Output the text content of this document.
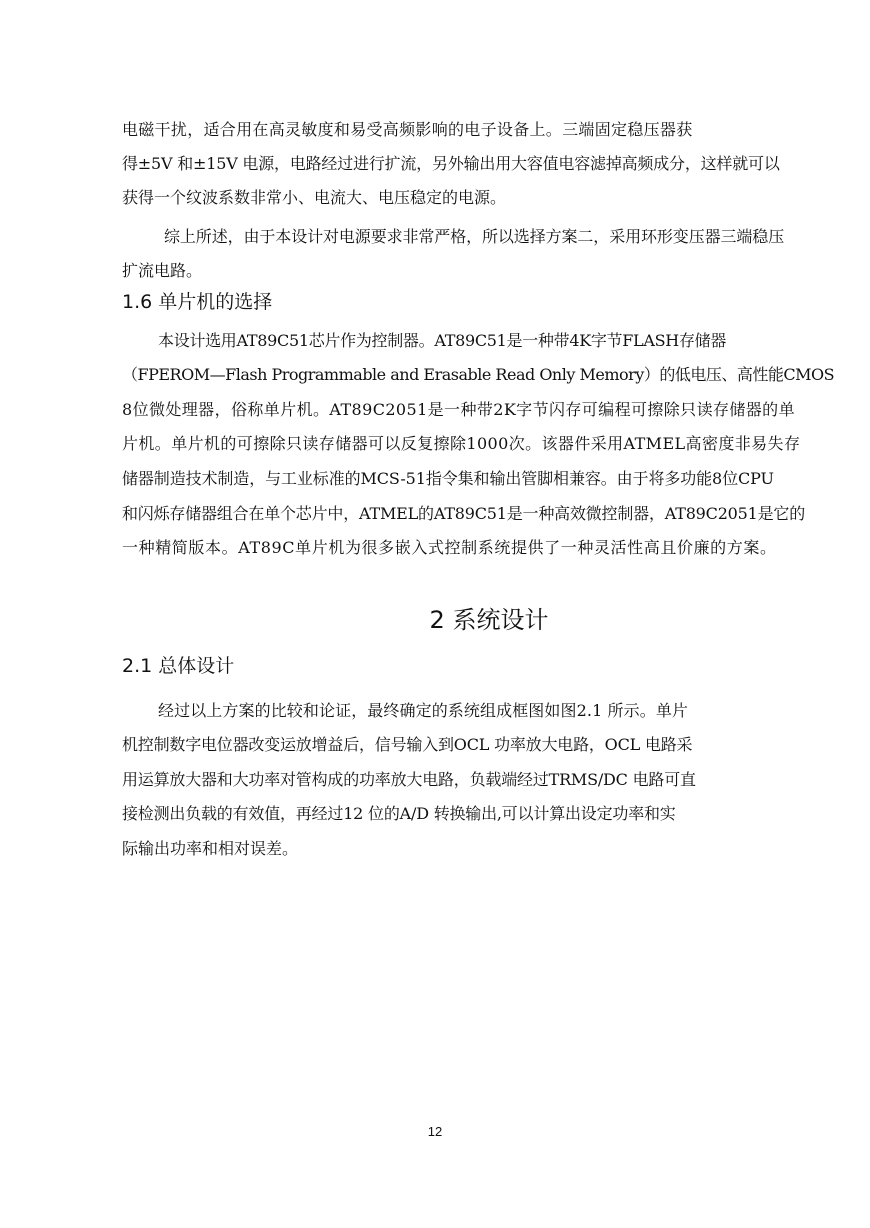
电磁干扰，适合用在高灵敏度和易受高频影响的电子设备上。三端固定稳压器获

得±5V 和±15V 电源，电路经过进行扩流，另外输出用大容值电容滤掉高频成分，这样就可以

获得一个纹波系数非常小、电流大、电压稳定的电源。

综上所述，由于本设计对电源要求非常严格，所以选择方案二，采用环形变压器三端稳压

扩流电路。

1.6 单片机的选择

本设计选用AT89C51芯片作为控制器。AT89C51是一种带4K字节FLASH存储器

（FPEROM—Flash Programmable and Erasable Read Only Memory）的低电压、高性能CMOS

8位微处理器，俗称单片机。AT89C2051是一种带2K字节闪存可编程可擦除只读存储器的单

片机。单片机的可擦除只读存储器可以反复擦除1000次。该器件采用ATMEL高密度非易失存

储器制造技术制造，与工业标准的MCS-51指令集和输出管脚相兼容。由于将多功能8位CPU

和闪烁存储器组合在单个芯片中，ATMEL的AT89C51是一种高效微控制器，AT89C2051是它的

一种精简版本。AT89C单片机为很多嵌入式控制系统提供了一种灵活性高且价廉的方案。

2 系统设计
2.1 总体设计

经过以上方案的比较和论证，最终确定的系统组成框图如图2.1 所示。单片

机控制数字电位器改变运放增益后，信号输入到OCL 功率放大电路，OCL 电路采

用运算放大器和大功率对管构成的功率放大电路，负载端经过TRMS/DC 电路可直

接检测出负载的有效值，再经过12 位的A/D 转换输出,可以计算出设定功率和实

际输出功率和相对误差。

12
